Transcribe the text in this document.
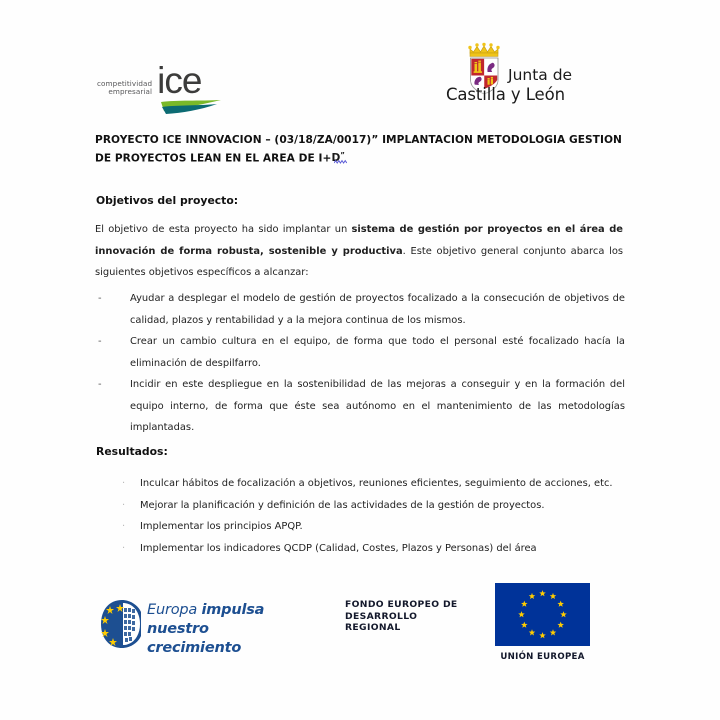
competitividad
empresarial ice	Junta de
Castilla y León
PROYECTO ICE INNOVACION – (03/18/ZA/0017)” IMPLANTACION METODOLOGIA GESTION
DE PROYECTOS LEAN EN EL AREA DE I+D”
Objetivos del proyecto:
El objetivo de esta proyecto ha sido implantar un sistema de gestión por proyectos en el área de innovación de forma robusta, sostenible y productiva. Este objetivo general conjunto abarca los siguientes objetivos específicos a alcanzar:
-	Ayudar a desplegar el modelo de gestión de proyectos focalizado a la consecución de objetivos de calidad, plazos y rentabilidad y a la mejora continua de los mismos.
-	Crear un cambio cultura en el equipo, de forma que todo el personal esté focalizado hacía la eliminación de despilfarro.
-	Incidir en este despliegue en la sostenibilidad de las mejoras a conseguir y en la formación del equipo interno, de forma que éste sea autónomo en el mantenimiento de las metodologías implantadas.
Resultados:
· Inculcar hábitos de focalización a objetivos, reuniones eficientes, seguimiento de acciones, etc.
· Mejorar la planificación y definición de las actividades de la gestión de proyectos.
· Implementar los principios APQP.
· Implementar los indicadores QCDP (Calidad, Costes, Plazos y Personas) del área
Europa impulsa
nuestro crecimiento
FONDO EUROPEO DE
DESARROLLO
REGIONAL
UNIÓN EUROPEA
